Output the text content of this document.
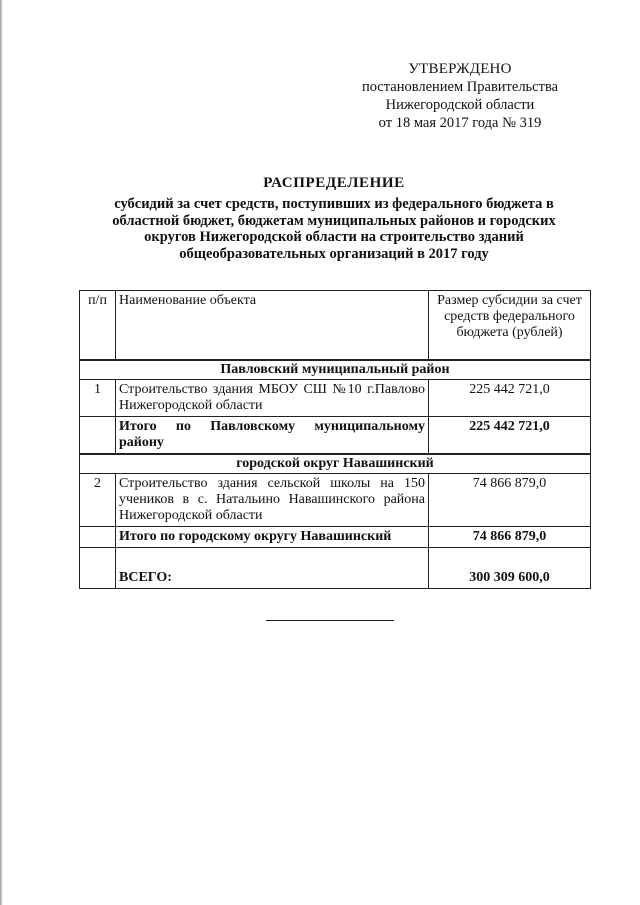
УТВЕРЖДЕНО
постановлением Правительства
Нижегородской области
от 18 мая 2017 года № 319
РАСПРЕДЕЛЕНИЕ
субсидий за счет средств, поступивших из федерального бюджета в
областной бюджет, бюджетам муниципальных районов и городских
округов Нижегородской области на строительство зданий
общеобразовательных организаций в 2017 году
п/п	Наименование объекта	Размер субсидии за счет средств федерального бюджета (рублей)
Павловский муниципальный район		
1	Строительство здания МБОУ СШ №10 г.Павлово Нижегородской области	225 442 721,0
	Итого по Павловскому муниципальному району	225 442 721,0
городской округ Навашинский		
2	Строительство здания сельской школы на 150 учеников в с. Натальино Навашинского района Нижегородской области	74 866 879,0
	Итого по городскому округу Навашинский	74 866 879,0
	ВСЕГО:	300 309 600,0
